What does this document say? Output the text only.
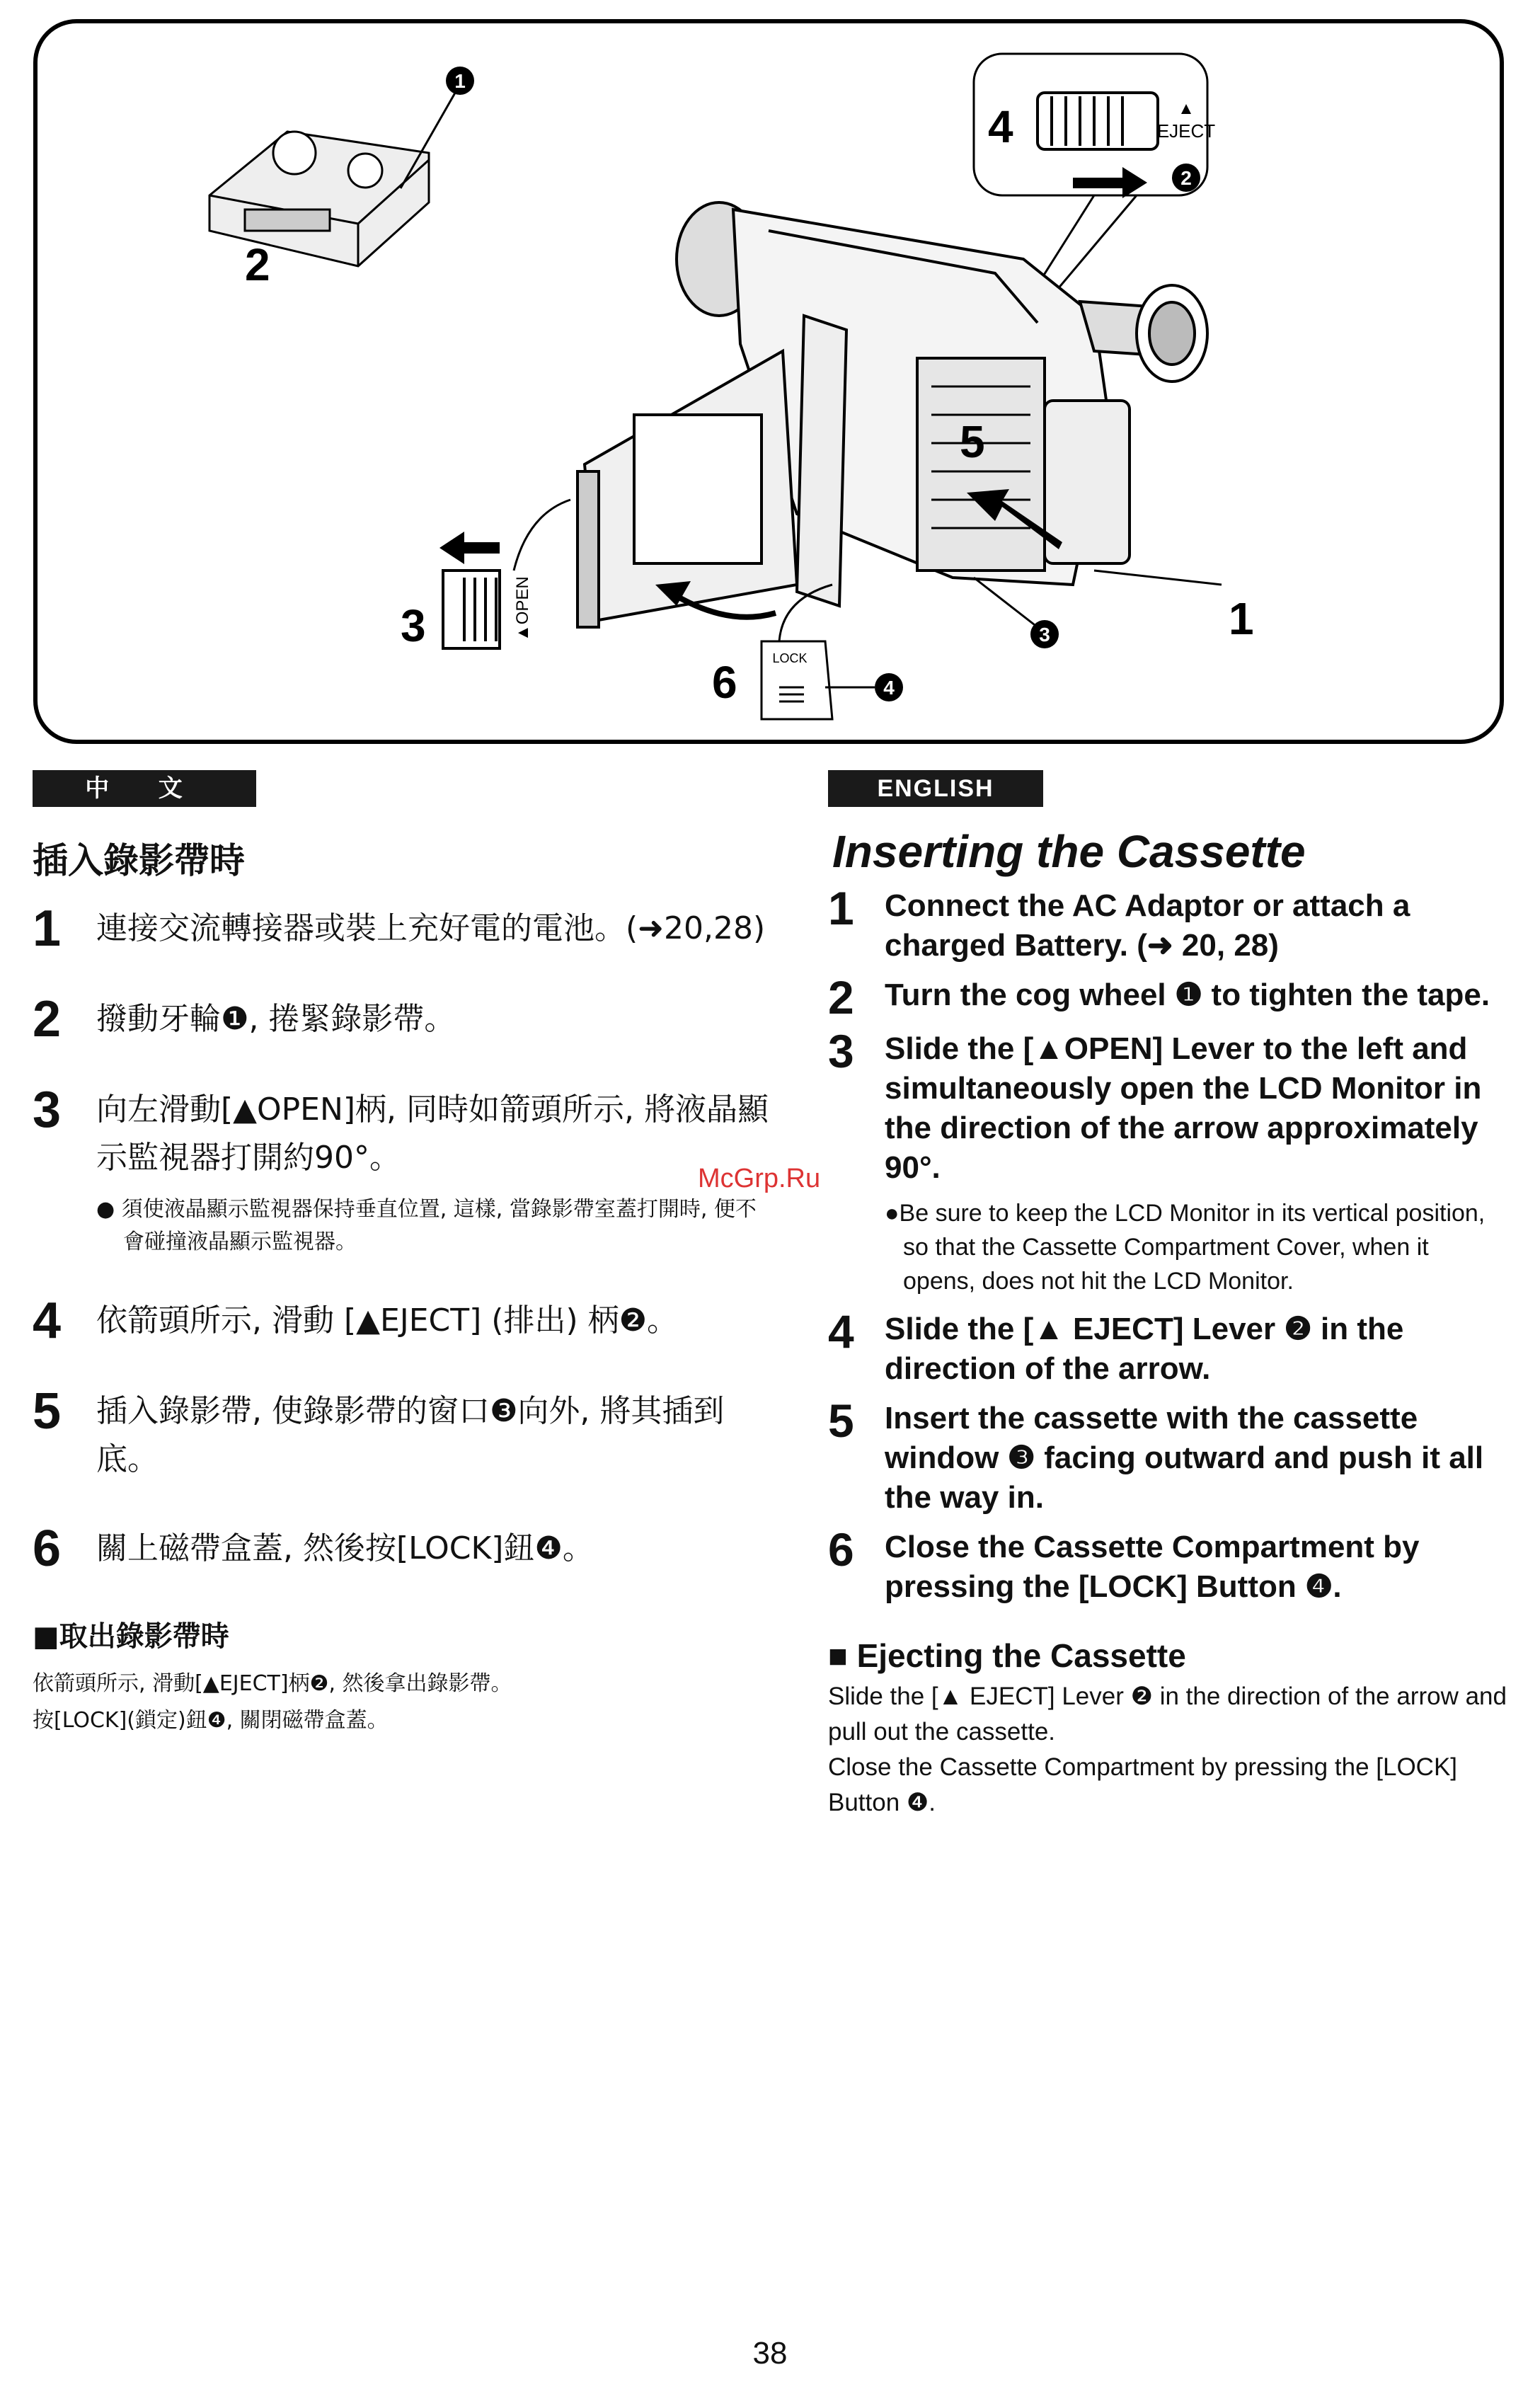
1
2
4	▲
EJECT
2
5
1
3
3	▲OPEN
6	LOCK
4
中 文
插入錄影帶時
1	連接交流轉接器或裝上充好電的電池。(➜20,28)
2	撥動牙輪❶, 捲緊錄影帶。
3	向左滑動[▲OPEN]柄, 同時如箭頭所示, 將液晶顯示監視器打開約90°。
● 須使液晶顯示監視器保持垂直位置, 這樣, 當錄影帶室蓋打開時, 便不會碰撞液晶顯示監視器。
4	依箭頭所示, 滑動 [▲EJECT] (排出) 柄❷。
5	插入錄影帶, 使錄影帶的窗口❸向外, 將其插到底。
6	關上磁帶盒蓋, 然後按[LOCK]鈕❹。
■取出錄影帶時
依箭頭所示, 滑動[▲EJECT]柄❷, 然後拿出錄影帶。
按[LOCK](鎖定)鈕❹, 關閉磁帶盒蓋。
McGrp.Ru
ENGLISH
Inserting the Cassette
1 Connect the AC Adaptor or attach a charged Battery. (➜ 20, 28)
2 Turn the cog wheel ❶ to tighten the tape.
3 Slide the [▲OPEN] Lever to the left and simultaneously open the LCD Monitor in the direction of the arrow approximately 90°.
●Be sure to keep the LCD Monitor in its vertical position, so that the Cassette Compartment Cover, when it opens, does not hit the LCD Monitor.
4 Slide the [▲ EJECT] Lever ❷ in the direction of the arrow.
5 Insert the cassette with the cassette window ❸ facing outward and push it all the way in.
6 Close the Cassette Compartment by pressing the [LOCK] Button ❹.
■ Ejecting the Cassette
Slide the [▲ EJECT] Lever ❷ in the direction of the arrow and pull out the cassette.
Close the Cassette Compartment by pressing the [LOCK] Button ❹.
38
